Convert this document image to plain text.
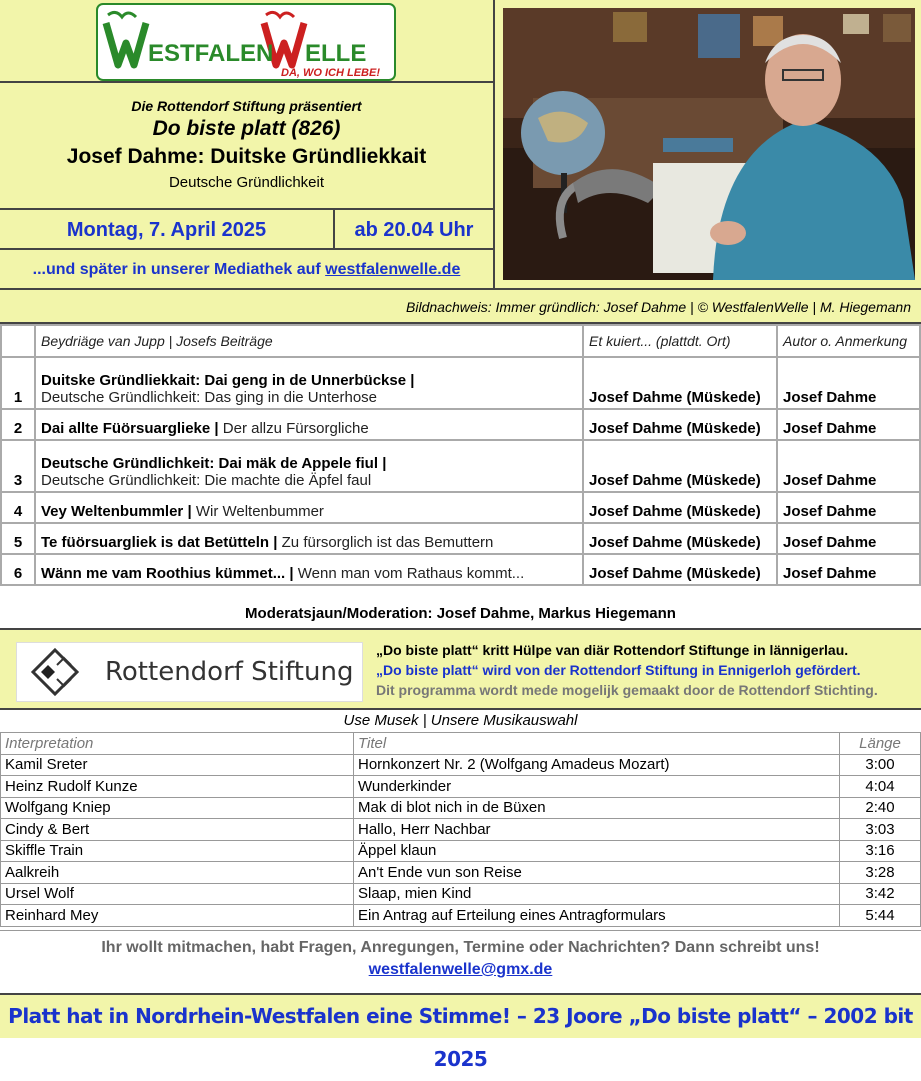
ESTFALEN ELLE
DA, WO ICH LEBE!
Die Rottendorf Stiftung präsentiert
Do biste platt (826)
Josef Dahme: Duitske Gründliekkait
Deutsche Gründlichkeit
Montag, 7. April 2025	ab 20.04 Uhr
...und später in unserer Mediathek auf westfalenwelle.de
Bildnachweis: Immer gründlich: Josef Dahme | © WestfalenWelle | M. Hiegemann
	Beydriäge van Jupp | Josefs Beiträge	Et kuiert... (plattdt. Ort)	Autor o. Anmerkung
1	Duitske Gründliekkait: Dai geng in de Unnerbückse |
Deutsche Gründlichkeit: Das ging in die Unterhose	Josef Dahme (Müskede)	Josef Dahme
2	Dai allte Füörsuarglieke | Der allzu Fürsorgliche	Josef Dahme (Müskede)	Josef Dahme
3	Deutsche Gründlichkeit: Dai mäk de Appele fiul |
Deutsche Gründlichkeit: Die machte die Äpfel faul	Josef Dahme (Müskede)	Josef Dahme
4	Vey Weltenbummler | Wir Weltenbummer	Josef Dahme (Müskede)	Josef Dahme
5	Te füörsuargliek is dat Betütteln | Zu fürsorglich ist das Bemuttern	Josef Dahme (Müskede)	Josef Dahme
6	Wänn me vam Roothius kümmet... | Wenn man vom Rathaus kommt...	Josef Dahme (Müskede)	Josef Dahme
Moderatsjaun/Moderation: Josef Dahme, Markus Hiegemann
Rottendorf Stiftung
„Do biste platt“ kritt Hülpe van diär Rottendorf Stiftunge in lännigerlau.
„Do biste platt“ wird von der Rottendorf Stiftung in Ennigerloh gefördert.
Dit programma wordt mede mogelijk gemaakt door de Rottendorf Stichting.
Use Musek | Unsere Musikauswahl
Interpretation	Titel	Länge
Kamil Sreter	Hornkonzert Nr. 2 (Wolfgang Amadeus Mozart)	3:00
Heinz Rudolf Kunze	Wunderkinder	4:04
Wolfgang Kniep	Mak di blot nich in de Büxen	2:40
Cindy & Bert	Hallo, Herr Nachbar	3:03
Skiffle Train	Äppel klaun	3:16
Aalkreih	An't Ende vun son Reise	3:28
Ursel Wolf	Slaap, mien Kind	3:42
Reinhard Mey	Ein Antrag auf Erteilung eines Antragformulars	5:44
Ihr wollt mitmachen, habt Fragen, Anregungen, Termine oder Nachrichten? Dann schreibt uns!
westfalenwelle@gmx.de
Platt hat in Nordrhein-Westfalen eine Stimme! – 23 Joore „Do biste platt“ – 2002 bit 2025
